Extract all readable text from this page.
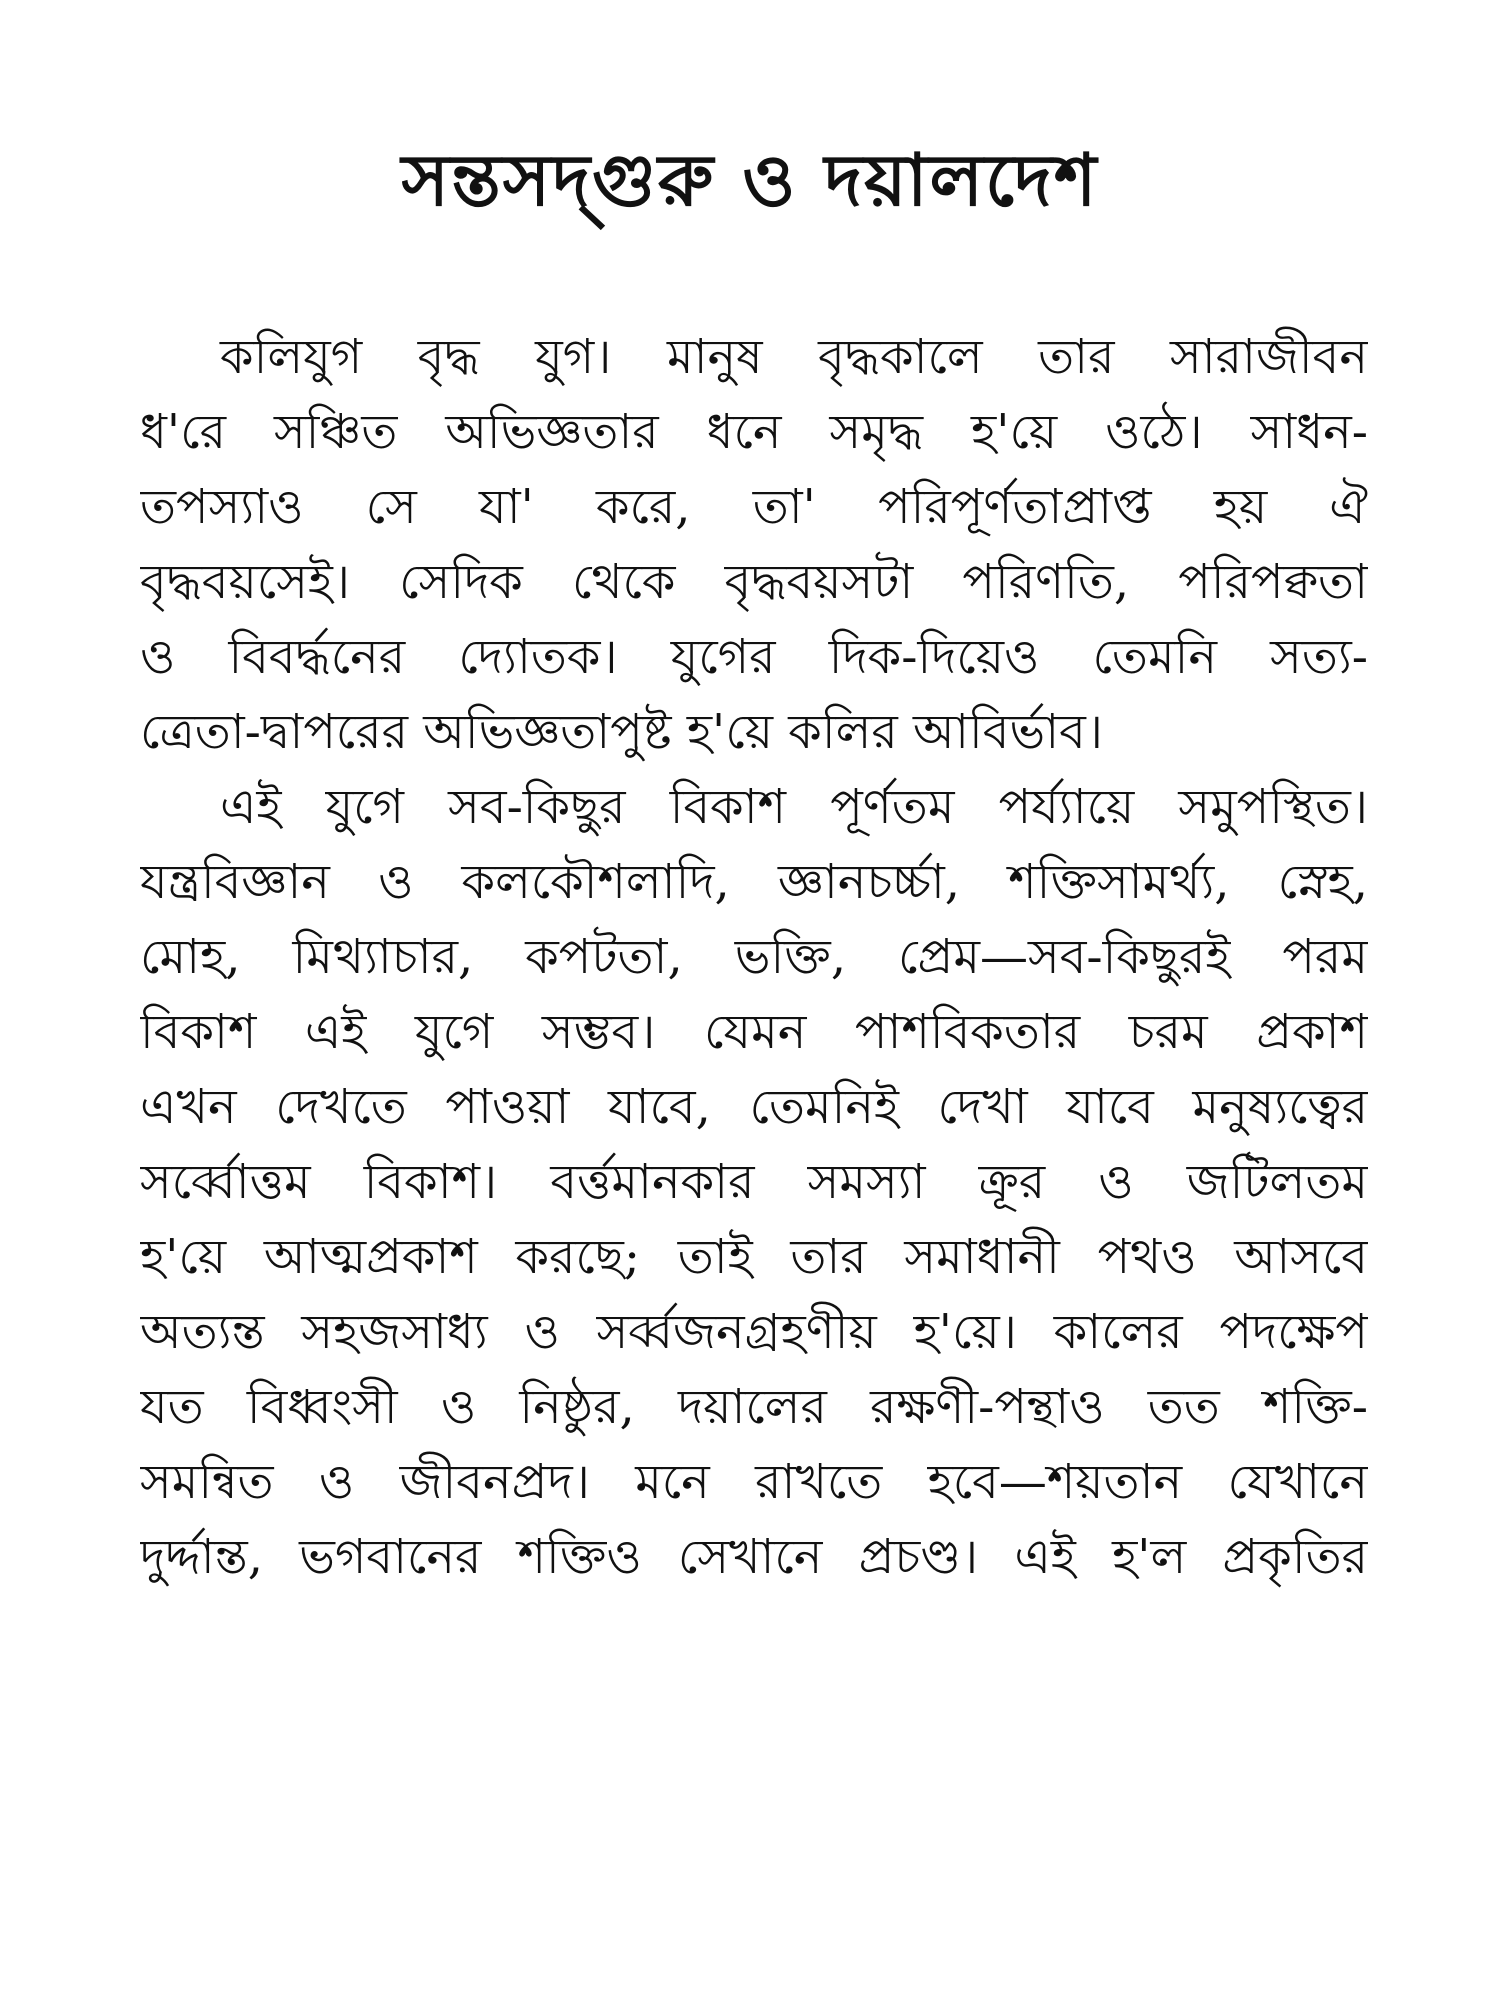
সন্তসদ্‌গুরু ও দয়ালদেশ
কলিযুগ বৃদ্ধ যুগ। মানুষ বৃদ্ধকালে তার সারাজীবন
ধ'রে সঞ্চিত অভিজ্ঞতার ধনে সমৃদ্ধ হ'য়ে ওঠে। সাধন-
তপস্যাও সে যা' করে, তা' পরিপূর্ণতাপ্রাপ্ত হয় ঐ
বৃদ্ধবয়সেই। সেদিক থেকে বৃদ্ধবয়সটা পরিণতি, পরিপক্বতা
ও বিবর্দ্ধনের দ্যোতক। যুগের দিক-দিয়েও তেমনি সত্য-
ত্রেতা-দ্বাপরের অভিজ্ঞতাপুষ্ট হ'য়ে কলির আবির্ভাব।
এই যুগে সব-কিছুর বিকাশ পূর্ণতম পর্য্যায়ে সমুপস্থিত।
যন্ত্রবিজ্ঞান ও কলকৌশলাদি, জ্ঞানচর্চ্চা, শক্তিসামর্থ্য, স্নেহ,
মোহ, মিথ্যাচার, কপটতা, ভক্তি, প্রেম—সব-কিছুরই পরম
বিকাশ এই যুগে সম্ভব। যেমন পাশবিকতার চরম প্রকাশ
এখন দেখতে পাওয়া যাবে, তেমনিই দেখা যাবে মনুষ্যত্বের
সর্ব্বোত্তম বিকাশ। বর্ত্তমানকার সমস্যা ক্রূর ও জটিলতম
হ'য়ে আত্মপ্রকাশ করছে; তাই তার সমাধানী পথও আসবে
অত্যন্ত সহজসাধ্য ও সর্ব্বজনগ্রহণীয় হ'য়ে। কালের পদক্ষেপ
যত বিধ্বংসী ও নিষ্ঠুর, দয়ালের রক্ষণী-পন্থাও তত শক্তি-
সমন্বিত ও জীবনপ্রদ। মনে রাখতে হবে—শয়তান যেখানে
দুর্দ্দান্ত, ভগবানের শক্তিও সেখানে প্রচণ্ড। এই হ'ল প্রকৃতির
